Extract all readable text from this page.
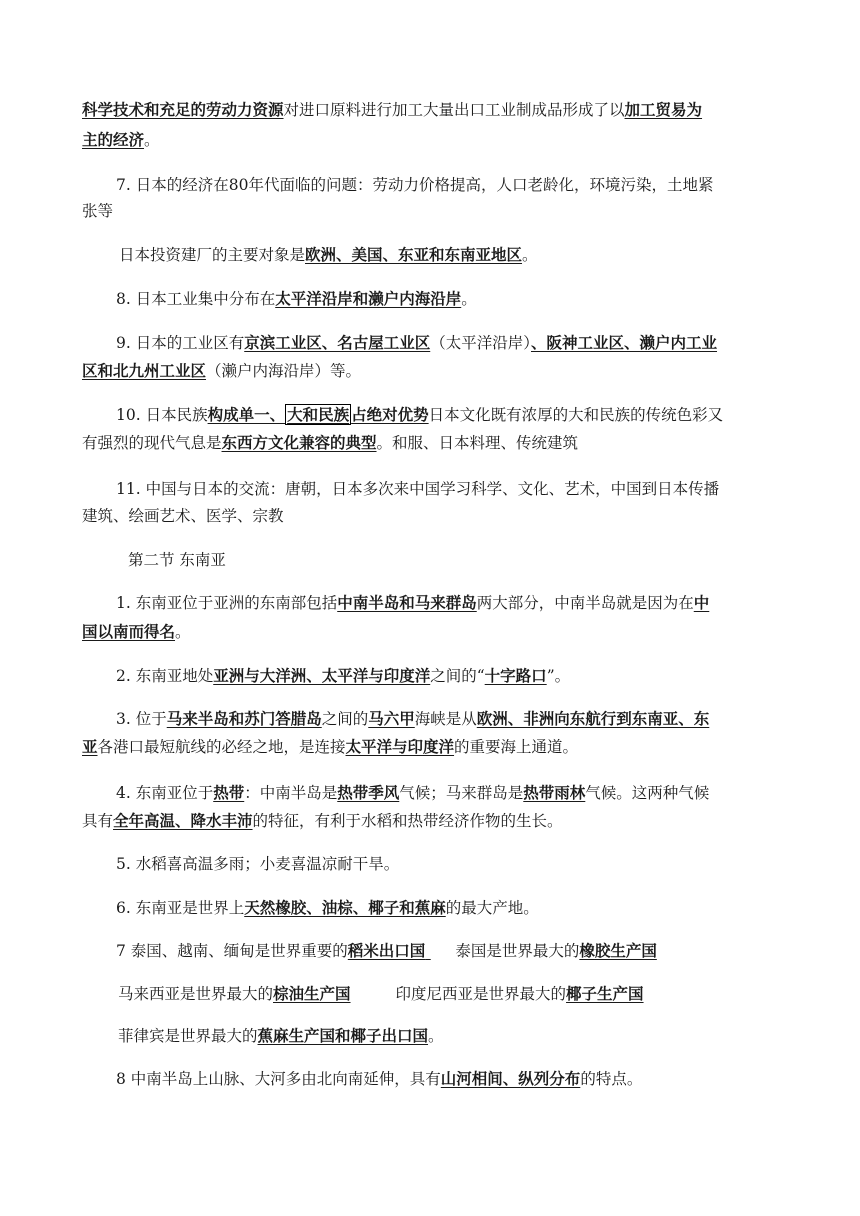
科学技术和充足的劳动力资源对进口原料进行加工大量出口工业制成品形成了以加工贸易为
主的经济。
7. 日本的经济在80年代面临的问题：劳动力价格提高，人口老龄化，环境污染，土地紧
张等
日本投资建厂的主要对象是欧洲、美国、东亚和东南亚地区。
8. 日本工业集中分布在太平洋沿岸和濑户内海沿岸。
9. 日本的工业区有京滨工业区、名古屋工业区（太平洋沿岸）、阪神工业区、濑户内工业
区和北九州工业区（濑户内海沿岸）等。
10. 日本民族构成单一、 大和民族 占绝对优势日本文化既有浓厚的大和民族的传统色彩又
有强烈的现代气息是东西方文化兼容的典型。和服、日本料理、传统建筑
11. 中国与日本的交流：唐朝，日本多次来中国学习科学、文化、艺术，中国到日本传播
建筑、绘画艺术、医学、宗教
第二节 东南亚
1. 东南亚位于亚洲的东南部包括中南半岛和马来群岛两大部分，中南半岛就是因为在中
国以南而得名。
2. 东南亚地处亚洲与大洋洲、太平洋与印度洋之间的“十字路口”。
3. 位于马来半岛和苏门答腊岛之间的马六甲海峡是从欧洲、非洲向东航行到东南亚、东
亚各港口最短航线的必经之地，是连接太平洋与印度洋的重要海上通道。
4. 东南亚位于热带：中南半岛是热带季风气候；马来群岛是热带雨林气候。这两种气候
具有全年高温、降水丰沛的特征，有利于水稻和热带经济作物的生长。
5. 水稻喜高温多雨；小麦喜温凉耐干旱。
6. 东南亚是世界上天然橡胶、油棕、椰子和蕉麻的最大产地。
7 泰国、越南、缅甸是世界重要的稻米出口国 泰国是世界最大的橡胶生产国
马来西亚是世界最大的棕油生产国	印度尼西亚是世界最大的椰子生产国
菲律宾是世界最大的蕉麻生产国和椰子出口国。
8 中南半岛上山脉、大河多由北向南延伸，具有山河相间、纵列分布的特点。
